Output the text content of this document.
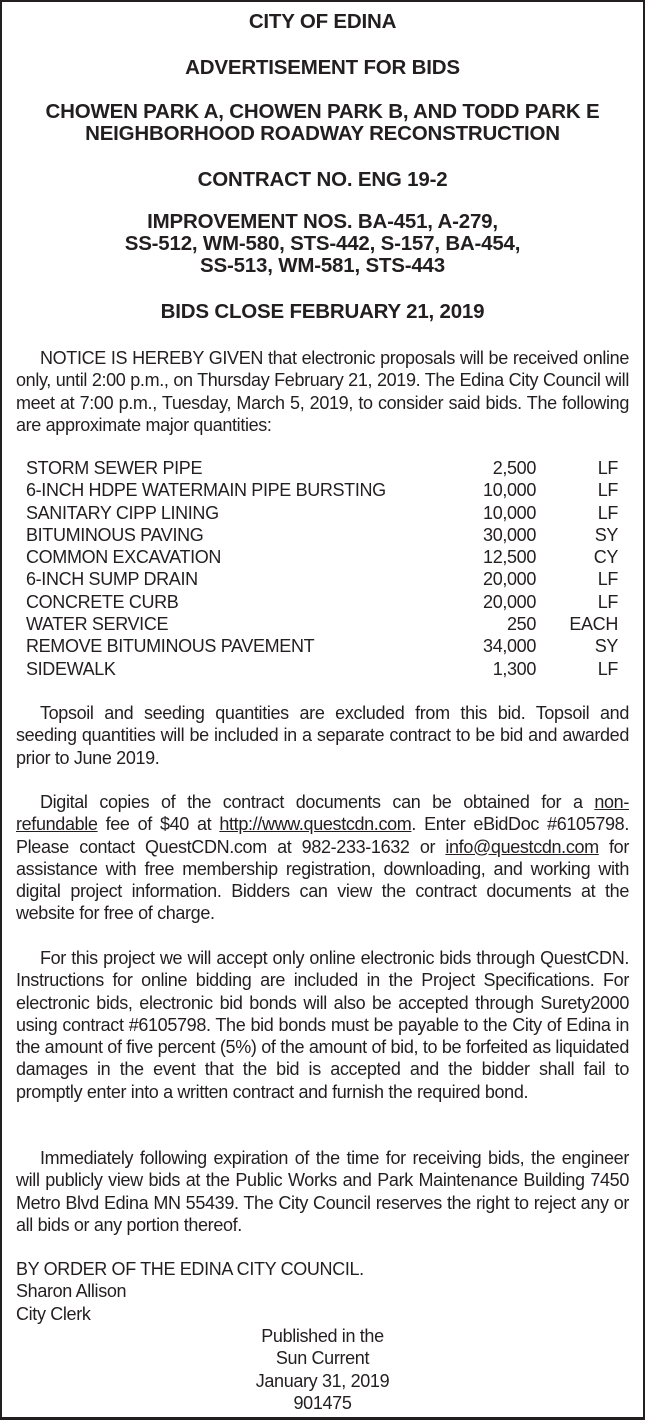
CITY OF EDINA

ADVERTISEMENT FOR BIDS

CHOWEN PARK A, CHOWEN PARK B, AND TODD PARK E

NEIGHBORHOOD ROADWAY RECONSTRUCTION

CONTRACT NO. ENG 19-2

IMPROVEMENT NOS. BA-451, A-279,

SS-512, WM-580, STS-442, S-157, BA-454,

SS-513, WM-581, STS-443

BIDS CLOSE FEBRUARY 21, 2019

NOTICE IS HEREBY GIVEN that electronic proposals will be received online only, until 2:00 p.m., on Thursday February 21, 2019. The Edina City Council will meet at 7:00 p.m., Tuesday, March 5, 2019, to consider said bids. The following are approximate major quantities:

STORM SEWER PIPE	2,500	LF
6-INCH HDPE WATERMAIN PIPE BURSTING	10,000	LF
SANITARY CIPP LINING	10,000	LF
BITUMINOUS PAVING	30,000	SY
COMMON EXCAVATION	12,500	CY
6-INCH SUMP DRAIN	20,000	LF
CONCRETE CURB	20,000	LF
WATER SERVICE	250	EACH
REMOVE BITUMINOUS PAVEMENT	34,000	SY
SIDEWALK	1,300	LF

Topsoil and seeding quantities are excluded from this bid. Topsoil and seeding quantities will be included in a separate contract to be bid and awarded prior to June 2019.

Digital copies of the contract documents can be obtained for a non-refundable fee of $40 at http://www.questcdn.com. Enter eBidDoc #6105798. Please contact QuestCDN.com at 982-233-1632 or info@questcdn.com for assistance with free membership registration, downloading, and working with digital project information. Bidders can view the contract documents at the website for free of charge.

For this project we will accept only online electronic bids through QuestCDN. Instructions for online bidding are included in the Project Specifications. For electronic bids, electronic bid bonds will also be accepted through Surety2000 using contract #6105798. The bid bonds must be payable to the City of Edina in the amount of five percent (5%) of the amount of bid, to be forfeited as liquidated damages in the event that the bid is accepted and the bidder shall fail to promptly enter into a written contract and furnish the required bond.

Immediately following expiration of the time for receiving bids, the engineer will publicly view bids at the Public Works and Park Maintenance Building 7450 Metro Blvd Edina MN 55439. The City Council reserves the right to reject any or all bids or any portion thereof.

BY ORDER OF THE EDINA CITY COUNCIL.

Sharon Allison

City Clerk

Published in the

Sun Current

January 31, 2019

901475
